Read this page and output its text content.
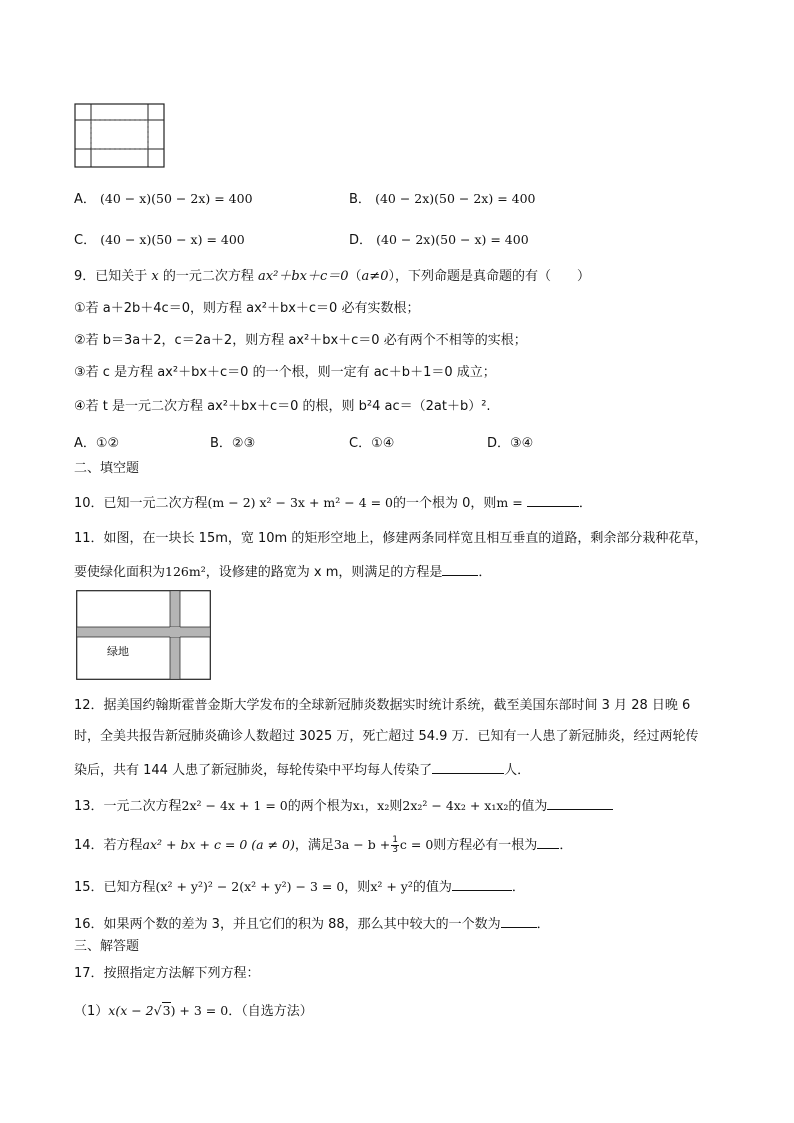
A． (40 − x)(50 − 2x) = 400	B． (40 − 2x)(50 − 2x) = 400
C． (40 − x)(50 − x) = 400	D． (40 − 2x)(50 − x) = 400
9．已知关于 x 的一元二次方程 ax²＋bx＋c＝0（a≠0），下列命题是真命题的有（　　）
①若 a＋2b＋4c＝0，则方程 ax²＋bx＋c＝0 必有实数根；
②若 b＝3a＋2，c＝2a＋2，则方程 ax²＋bx＋c＝0 必有两个不相等的实根；
③若 c 是方程 ax²＋bx＋c＝0 的一个根，则一定有 ac＋b＋1＝0 成立；
④若 t 是一元二次方程 ax²＋bx＋c＝0 的根，则 b²4 ac＝（2at＋b）².
A．①②	B．②③	C．①④	D．③④
二、填空题
10．已知一元二次方程(m − 2) x² − 3x + m² − 4 = 0的一个根为 0，则m =	．
11．如图，在一块长 15m，宽 10m 的矩形空地上，修建两条同样宽且相互垂直的道路，剩余部分栽种花草，
要使绿化面积为126m²，设修建的路宽为 x m，则满足的方程是	．
绿地
12．据美国约翰斯霍普金斯大学发布的全球新冠肺炎数据实时统计系统，截至美国东部时间 3 月 28 日晚 6
时，全美共报告新冠肺炎确诊人数超过 3025 万，死亡超过 54.9 万．已知有一人患了新冠肺炎，经过两轮传
染后，共有 144 人患了新冠肺炎，每轮传染中平均每人传染了	人．
13．一元二次方程2x² − 4x + 1 = 0的两个根为x₁，x₂则2x₂² − 4x₂ + x₁x₂的值为
14．若方程ax² + bx + c = 0 (a ≠ 0)，满足$3a - b + \frac{1}{3}$ c = 0则方程必有一根为 ．
15．已知方程(x² + y²)² − 2(x² + y²) − 3 = 0，则x² + y²的值为	．
16．如果两个数的差为 3，并且它们的积为 88，那么其中较大的一个数为	．
三、解答题
17．按照指定方法解下列方程：
（1）x(x − 2√3) + 3 = 0．（自选方法）
